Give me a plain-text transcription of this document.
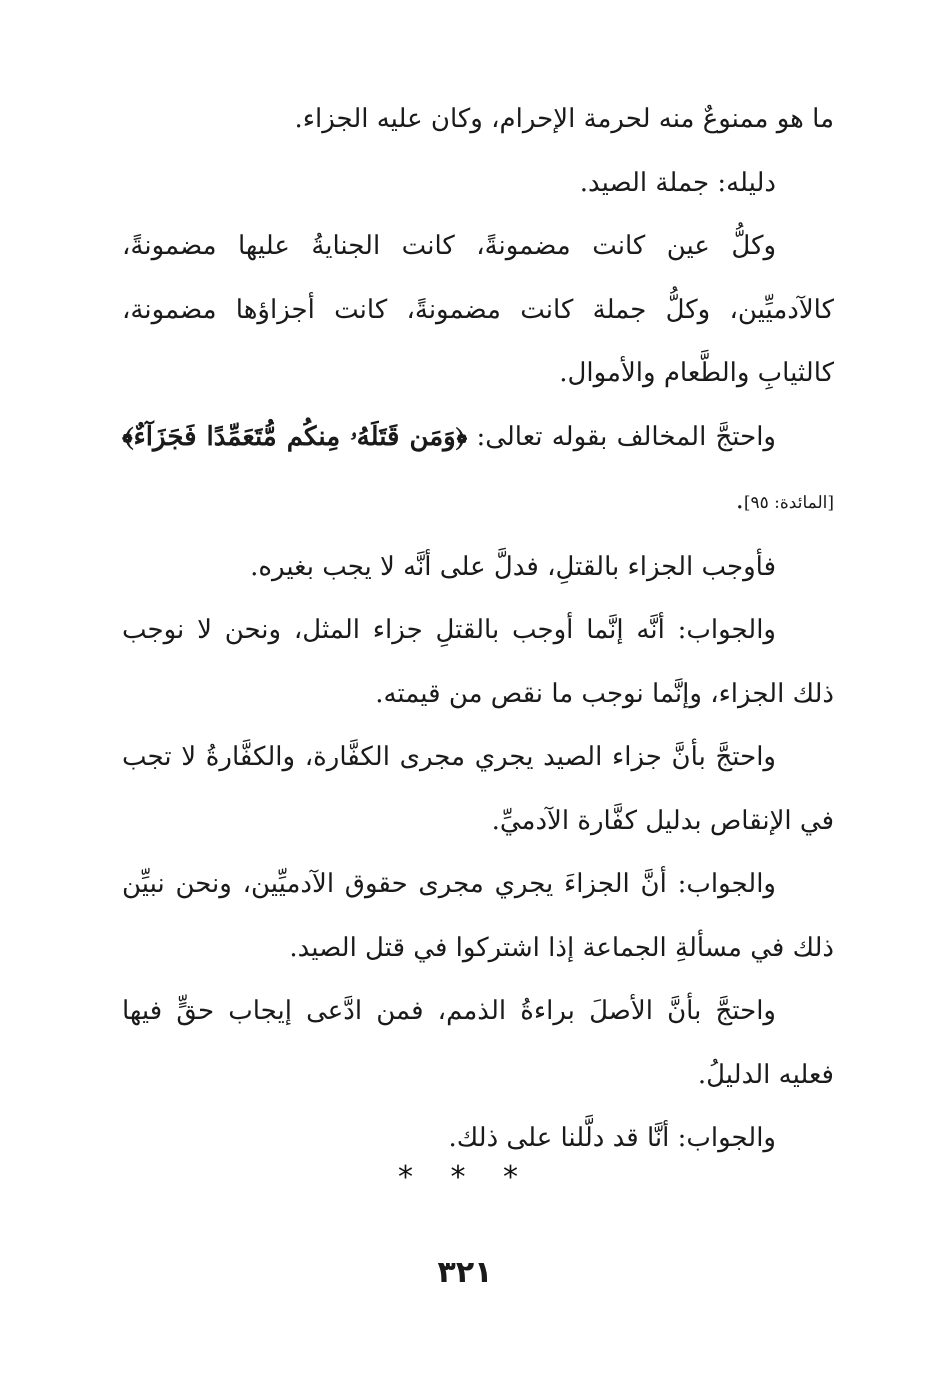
ما هو ممنوعٌ منه لحرمة الإحرام، وكان عليه الجزاء.

دليله: جملة الصيد.

وكلُّ عين كانت مضمونةً، كانت الجنايةُ عليها مضمونةً، كالآدميِّين، وكلُّ جملة كانت مضمونةً، كانت أجزاؤها مضمونة، كالثيابِ والطَّعام والأموال.

واحتجَّ المخالف بقوله تعالى: ﴿وَمَن قَتَلَهُۥ مِنكُم مُّتَعَمِّدًا فَجَزَآءٌ﴾[المائدة: ٩٥].

فأوجب الجزاء بالقتلِ، فدلَّ على أنَّه لا يجب بغيره.

والجواب: أنَّه إنَّما أوجب بالقتلِ جزاء المثل، ونحن لا نوجب ذلك الجزاء، وإنَّما نوجب ما نقص من قيمته.

واحتجَّ بأنَّ جزاء الصيد يجري مجرى الكفَّارة، والكفَّارةُ لا تجب في الإنقاص بدليل كفَّارة الآدميِّ.

والجواب: أنَّ الجزاءَ يجري مجرى حقوق الآدميِّين، ونحن نبيِّن ذلك في مسألةِ الجماعة إذا اشتركوا في قتل الصيد.

واحتجَّ بأنَّ الأصلَ براءةُ الذمم، فمن ادَّعى إيجاب حقٍّ فيها فعليه الدليلُ.

والجواب: أنَّا قد دلَّلنا على ذلك.

* * *
٣٢١
